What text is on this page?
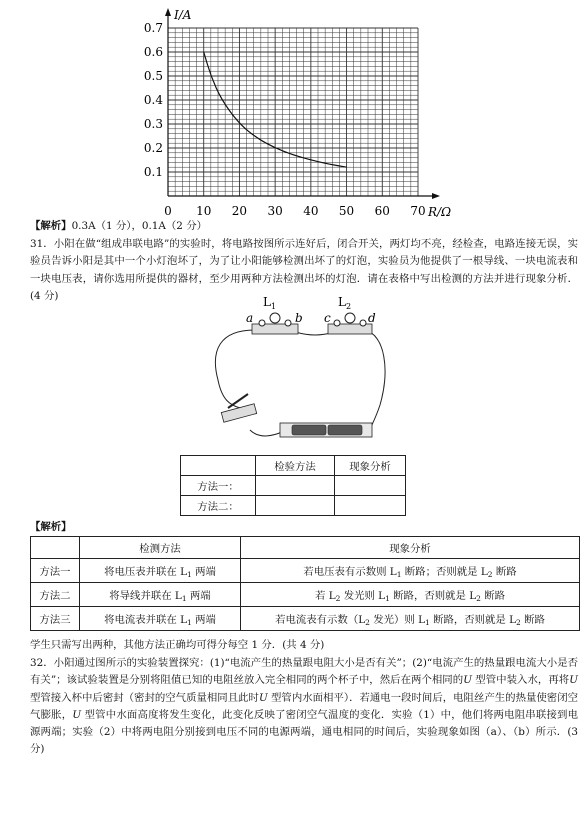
0 10 20 30 40 50 60 70
0.1
0.2
0.3
0.4
0.5
0.6
0.7
I/A
R/Ω
【解析】0.3A（1 分），0.1A（2 分）

31．小阳在做“组成串联电路”的实验时，将电路按图所示连好后，闭合开关，两灯均不亮，经检查，电路连接无误，实验员告诉小阳是其中一个小灯泡坏了，为了让小阳能够检测出坏了的灯泡，实验员为他提供了一根导线、一块电流表和一块电压表，请你选用所提供的器材，至少用两种方法检测出坏的灯泡．请在表格中写出检测的方法并进行现象分析．(4 分)	$L_1$	$L_2$
a	b c	d
	检验方法	现象分析
方法一：		
方法二：		
【解析】
	检测方法	现象分析
方法一	将电压表并联在 $L_1$ 两端	若电压表有示数则 $L_1$ 断路；否则就是 $L_2$ 断路
方法二	将导线并联在 $L_1$ 两端	若 $L_2$ 发光则 $L_1$ 断路，否则就是 $L_2$ 断路
方法三	将电流表并联在 $L_1$ 两端	若电流表有示数（$L_2$ 发光）则 $L_1$ 断路，否则就是 $L_2$ 断路
学生只需写出两种，其他方法正确均可得分每空 1 分．(共 4 分)

32．小阳通过图所示的实验装置探究：(1)“电流产生的热量跟电阻大小是否有关”；(2)“电流产生的热量跟电流大小是否有关”；该试验装置是分别将阻值已知的电阻丝放入完全相同的两个杯子中，然后在两个相同的U 型管中装入水，再将U 型管接入杯中后密封（密封的空气质量相同且此时U 型管内水面相平）．若通电一段时间后，电阻丝产生的热量使密闭空气膨胀，U 型管中水面高度将发生变化，此变化反映了密闭空气温度的变化．实验（1）中，他们将两电阻串联接到电源两端；实验（2）中将两电阻分别接到电压不同的电源两端，通电相同的时间后，实验现象如图（a）、（b）所示．(3 分)
